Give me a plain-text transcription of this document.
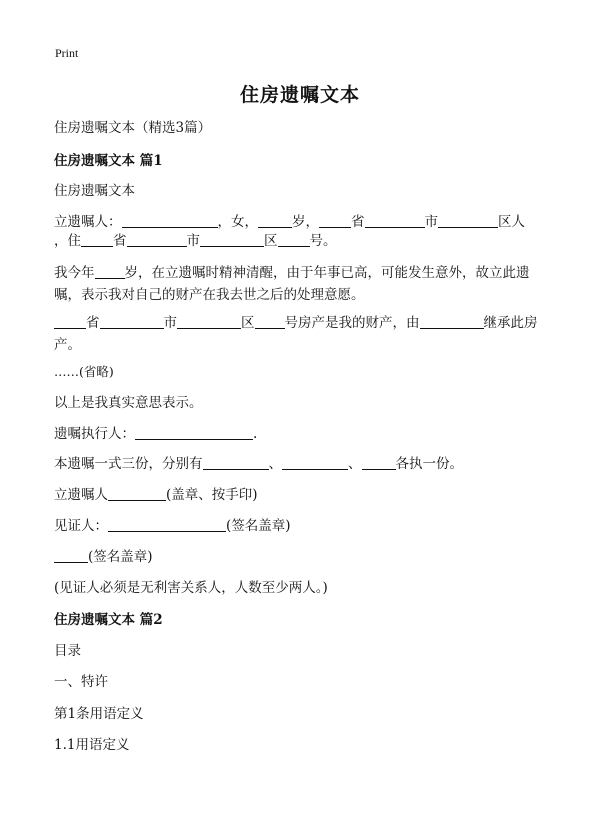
Print
住房遗嘱文本
住房遗嘱文本（精选3篇）
住房遗嘱文本 篇1
住房遗嘱文本
立遗嘱人：	，女，	岁， 省	市	区人
，住 省	市	区 号。
我今年 岁，在立遗嘱时精神清醒，由于年事已高，可能发生意外，故立此遗嘱，表示我对自己的财产在我去世之后的处理意愿。
省	市	区 号房产是我的财产，由	继承此房产。
……(省略)
以上是我真实意思表示。
遗嘱执行人：	.
本遗嘱一式三份，分别有	、	、	各执一份。
立遗嘱人	(盖章、按手印)
见证人：	(签名盖章)
(签名盖章)
(见证人必须是无利害关系人，人数至少两人。)
住房遗嘱文本 篇2
目录
一、特许
第1条用语定义
1.1用语定义
